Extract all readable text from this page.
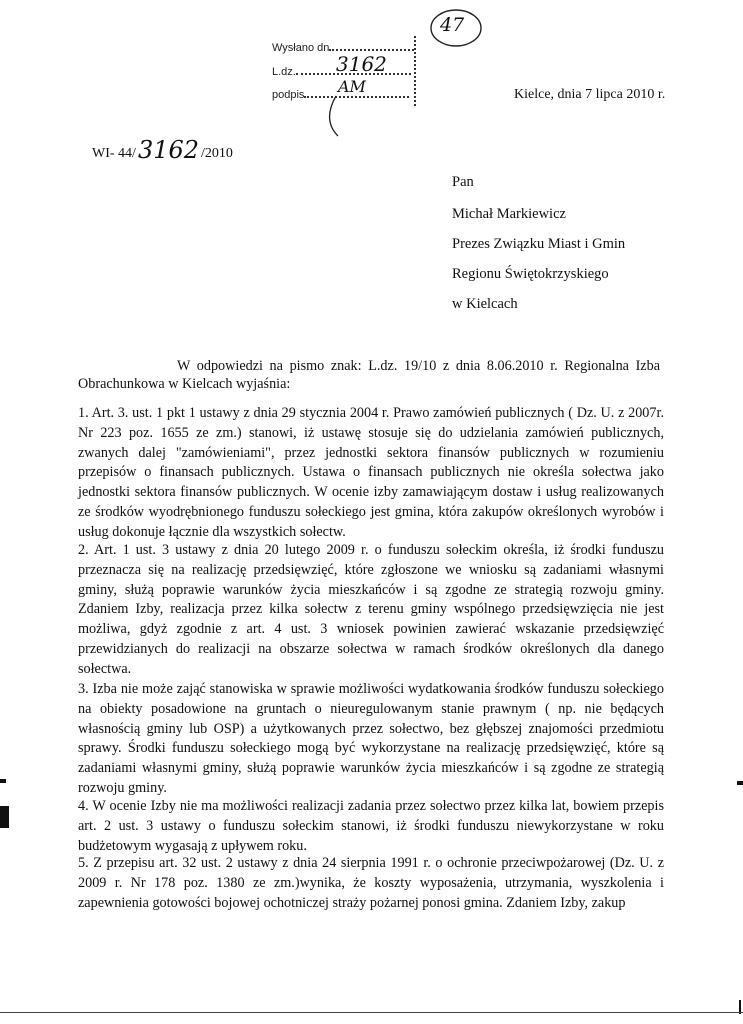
Wysłano dn
L.dz.
podpis
3162
AM
47
Kielce, dnia 7 lipca 2010 r.
WI- 44/3162 /2010
Pan
Michał Markiewicz
Prezes Związku Miast i Gmin
Regionu Świętokrzyskiego
w Kielcach
W odpowiedzi na pismo znak: L.dz. 19/10 z dnia 8.06.2010 r. Regionalna Izba
Obrachunkowa w Kielcach wyjaśnia:
1. Art. 3. ust. 1 pkt 1 ustawy z dnia 29 stycznia 2004 r. Prawo zamówień publicznych ( Dz. U. z 2007r. Nr 223 poz. 1655 ze zm.) stanowi, iż ustawę stosuje się do udzielania zamówień publicznych, zwanych dalej "zamówieniami", przez jednostki sektora finansów publicznych w rozumieniu przepisów o finansach publicznych. Ustawa o finansach publicznych nie określa sołectwa jako jednostki sektora finansów publicznych. W ocenie izby zamawiającym dostaw i usług realizowanych ze środków wyodrębnionego funduszu sołeckiego jest gmina, która zakupów określonych wyrobów i usług dokonuje łącznie dla wszystkich sołectw.
2. Art. 1 ust. 3 ustawy z dnia 20 lutego 2009 r. o funduszu sołeckim określa, iż środki funduszu przeznacza się na realizację przedsięwzięć, które zgłoszone we wniosku są zadaniami własnymi gminy, służą poprawie warunków życia mieszkańców i są zgodne ze strategią rozwoju gminy. Zdaniem Izby, realizacja przez kilka sołectw z terenu gminy wspólnego przedsięwzięcia nie jest możliwa, gdyż zgodnie z art. 4 ust. 3 wniosek powinien zawierać wskazanie przedsięwzięć przewidzianych do realizacji na obszarze sołectwa w ramach środków określonych dla danego sołectwa.
3. Izba nie może zająć stanowiska w sprawie możliwości wydatkowania środków funduszu sołeckiego na obiekty posadowione na gruntach o nieuregulowanym stanie prawnym ( np. nie będących własnością gminy lub OSP) a użytkowanych przez sołectwo, bez głębszej znajomości przedmiotu sprawy. Środki funduszu sołeckiego mogą być wykorzystane na realizację przedsięwzięć, które są zadaniami własnymi gminy, służą poprawie warunków życia mieszkańców i są zgodne ze strategią rozwoju gminy.
4. W ocenie Izby nie ma możliwości realizacji zadania przez sołectwo przez kilka lat, bowiem przepis art. 2 ust. 3 ustawy o funduszu sołeckim stanowi, iż środki funduszu niewykorzystane w roku budżetowym wygasają z upływem roku.
5. Z przepisu art. 32 ust. 2 ustawy z dnia 24 sierpnia 1991 r. o ochronie przeciwpożarowej (Dz. U. z 2009 r. Nr 178 poz. 1380 ze zm.)wynika, że koszty wyposażenia, utrzymania, wyszkolenia i zapewnienia gotowości bojowej ochotniczej straży pożarnej ponosi gmina. Zdaniem Izby, zakup
